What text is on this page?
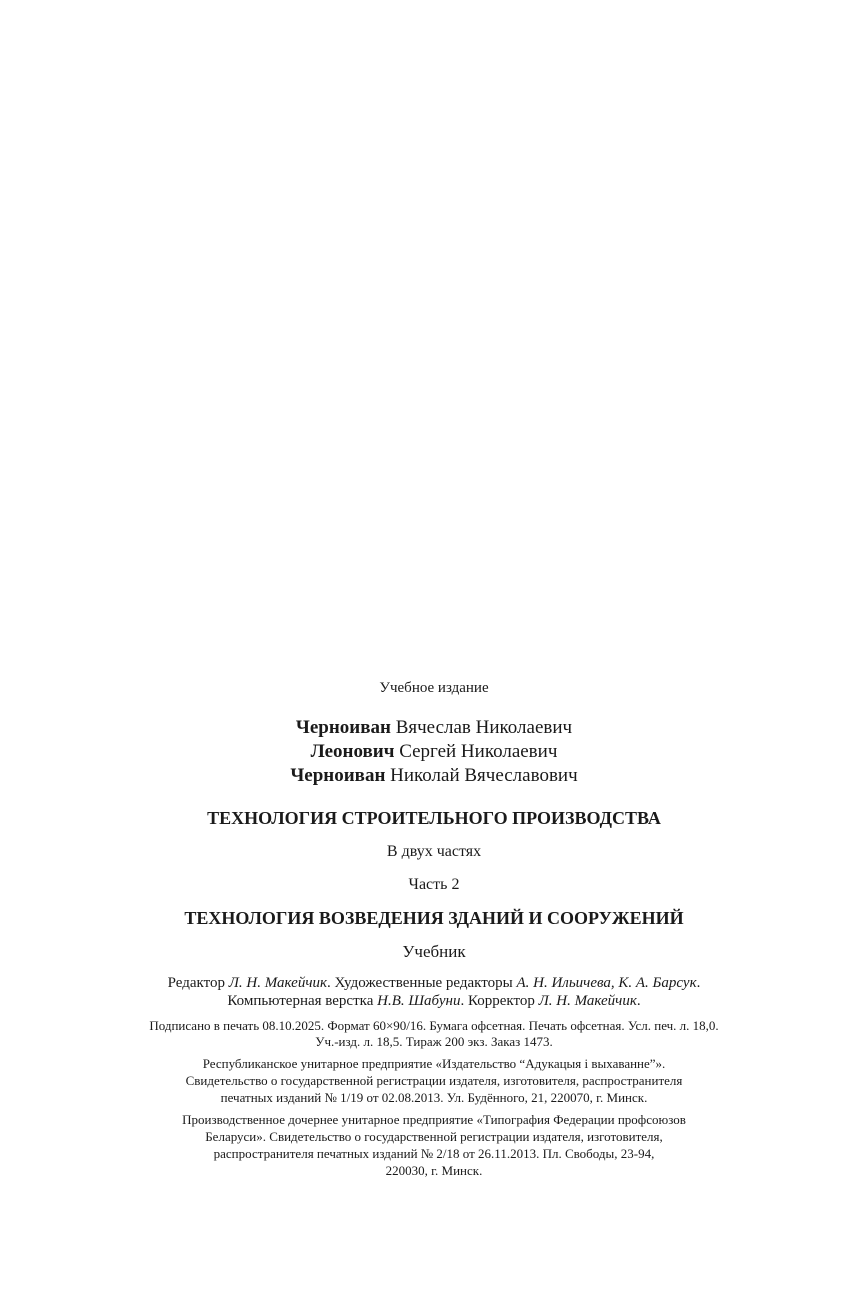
Учебное издание
Черноиван Вячеслав Николаевич
Леонович Сергей Николаевич
Черноиван Николай Вячеславович
ТЕХНОЛОГИЯ СТРОИТЕЛЬНОГО ПРОИЗВОДСТВА
В двух частях
Часть 2
ТЕХНОЛОГИЯ ВОЗВЕДЕНИЯ ЗДАНИЙ И СООРУЖЕНИЙ
Учебник
Редактор Л. Н. Макейчик. Художественные редакторы А. Н. Ильичева, К. А. Барсук.
Компьютерная верстка Н.В. Шабуни. Корректор Л. Н. Макейчик.
Подписано в печать 08.10.2025. Формат 60×90/16. Бумага офсетная. Печать офсетная. Усл. печ. л. 18,0.
Уч.-изд. л. 18,5. Тираж 200 экз. Заказ 1473.
Республиканское унитарное предприятие «Издательство “Адукацыя і выхаванне”».
Свидетельство о государственной регистрации издателя, изготовителя, распространителя
печатных изданий № 1/19 от 02.08.2013. Ул. Будённого, 21, 220070, г. Минск.
Производственное дочернее унитарное предприятие «Типография Федерации профсоюзов
Беларуси». Свидетельство о государственной регистрации издателя, изготовителя,
распространителя печатных изданий № 2/18 от 26.11.2013. Пл. Свободы, 23-94,
220030, г. Минск.
